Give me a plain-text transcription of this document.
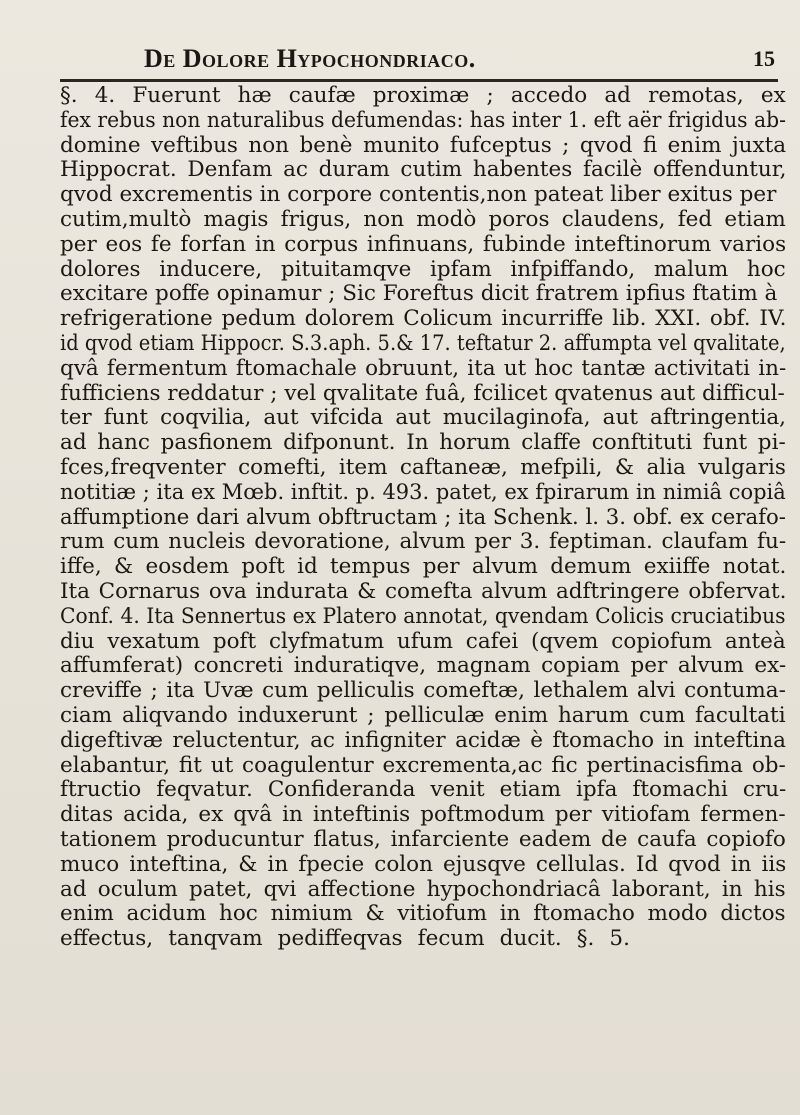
De Dolore Hypochondriaco.	15
§. 4. Fuerunt hæ caufæ proximæ ; accedo ad remotas, ex
fex rebus non naturalibus defumendas: has inter 1. eft aër frigidus ab-
domine veftibus non benè munito fufceptus ; qvod fi enim juxta
Hippocrat. Denfam ac duram cutim habentes facilè offenduntur,
qvod excrementis in corpore contentis,non pateat liber exitus per
cutim,multò magis frigus, non modò poros claudens, fed etiam
per eos fe forfan in corpus infinuans, fubinde inteftinorum varios
dolores inducere, pituitamqve ipfam infpiffando, malum hoc
excitare poffe opinamur ; Sic Foreftus dicit fratrem ipfius ftatim à
refrigeratione pedum dolorem Colicum incurriffe lib. XXI. obf. IV.
id qvod etiam Hippocr. S.3.aph. 5.& 17. teftatur 2. affumpta vel qvalitate,
qvâ fermentum ftomachale obruunt, ita ut hoc tantæ activitati in-
fufficiens reddatur ; vel qvalitate fuâ, fcilicet qvatenus aut difficul-
ter funt coqvilia, aut vifcida aut mucilaginofa, aut aftringentia,
ad hanc pasfionem difponunt. In horum claffe conftituti funt pi-
fces,freqventer comefti, item caftaneæ, mefpili, & alia vulgaris
notitiæ ; ita ex Mœb. inftit. p. 493. patet, ex fpirarum in nimiâ copiâ
affumptione dari alvum obftructam ; ita Schenk. l. 3. obf. ex cerafo-
rum cum nucleis devoratione, alvum per 3. feptiman. claufam fu-
iffe, & eosdem poft id tempus per alvum demum exiiffe notat.
Ita Cornarus ova indurata & comefta alvum adftringere obfervat.
Conf. 4. Ita Sennertus ex Platero annotat, qvendam Colicis cruciatibus
diu vexatum poft clyfmatum ufum cafei (qvem copiofum anteà
affumferat) concreti induratiqve, magnam copiam per alvum ex-
creviffe ; ita Uvæ cum pelliculis comeftæ, lethalem alvi contuma-
ciam aliqvando induxerunt ; pelliculæ enim harum cum facultati
digeftivæ reluctentur, ac infigniter acidæ è ftomacho in inteftina
elabantur, fit ut coagulentur excrementa,ac fic pertinacisfima ob-
ftructio feqvatur. Confideranda venit etiam ipfa ftomachi cru-
ditas acida, ex qvâ in inteftinis poftmodum per vitiofam fermen-
tationem producuntur flatus, infarciente eadem de caufa copiofo
muco inteftina, & in fpecie colon ejusqve cellulas. Id qvod in iis
ad oculum patet, qvi affectione hypochondriacâ laborant, in his
enim acidum hoc nimium & vitiofum in ftomacho modo dictos
effectus, tanqvam pediffeqvas fecum ducit. §. 5.
